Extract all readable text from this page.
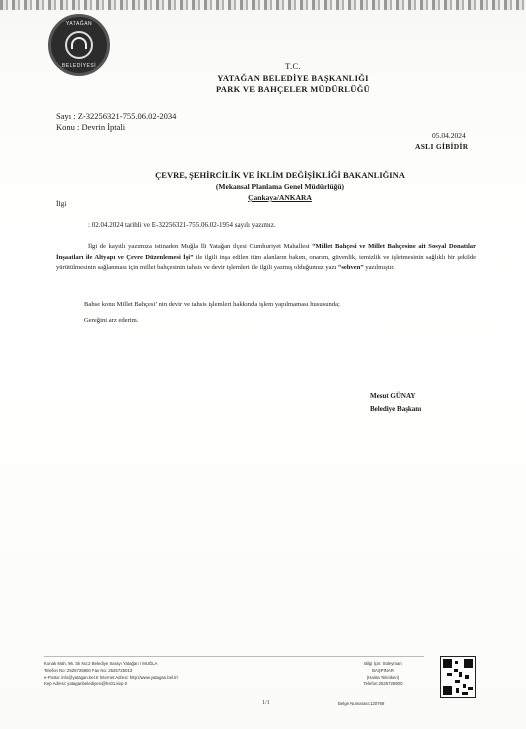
YATAĞAN
BELEDİYESİ	T.C.
YATAĞAN BELEDİYE BAŞKANLIĞI
PARK VE BAHÇELER MÜDÜRLÜĞÜ
Sayı : Z-32256321-755.06.02-2034
Konu : Devrin İptali
05.04.2024
ASLI GİBİDİR
ÇEVRE, ŞEHİRCİLİK VE İKLİM DEĞİŞİKLİĞİ BAKANLIĞINA
(Mekansal Planlama Genel Müdürlüğü)
Çankaya/ANKARA
İlgi
: 02.04.2024 tarihli ve E-32256321-755.06.02-1954 sayılı yazımız.
İlgi de kayıtlı yazımıza istinaden Muğla İli Yatağan ilçesi Cumhuriyet Mahallesi “Millet Bahçesi ve Millet Bahçesine ait Sosyal Donatılar İnşaatları ile Altyapı ve Çevre Düzenlemesi İşi” ile ilgili inşa edilen tüm alanların bakım, onarım, güvenlik, temizlik ve işletmesinin sağlıklı bir şekilde yürütülmesinin sağlanması için millet bahçesinin tahsis ve devir işlemleri ile ilgili yazmış olduğumuz yazı “sehven” yazılmıştır.
Bahse konu Millet Bahçesi’ nin devir ve tahsis işlemleri hakkında işlem yapılmaması hususunda;
Gereğini arz ederim.
Mesut GÜNAY
Belediye Başkanı
Konak Mah. 96. Sk No:2 Belediye Sarayı Yatağan / MUĞLA
Telefon No: 2525725900 Fax No: 2525725013
e-Posta: info@yatagan.bel.tr İnternet Adresi: http://www.yatagan.bel.tr/
Kep Adresi: yataganbelediyesi@hs01.kep.tr
1/1
Bilgi İçin: Süleyman
BAŞPINAR
(Harita Teknikeri)
Telefon:2525725900
Belge Numarası:120768
